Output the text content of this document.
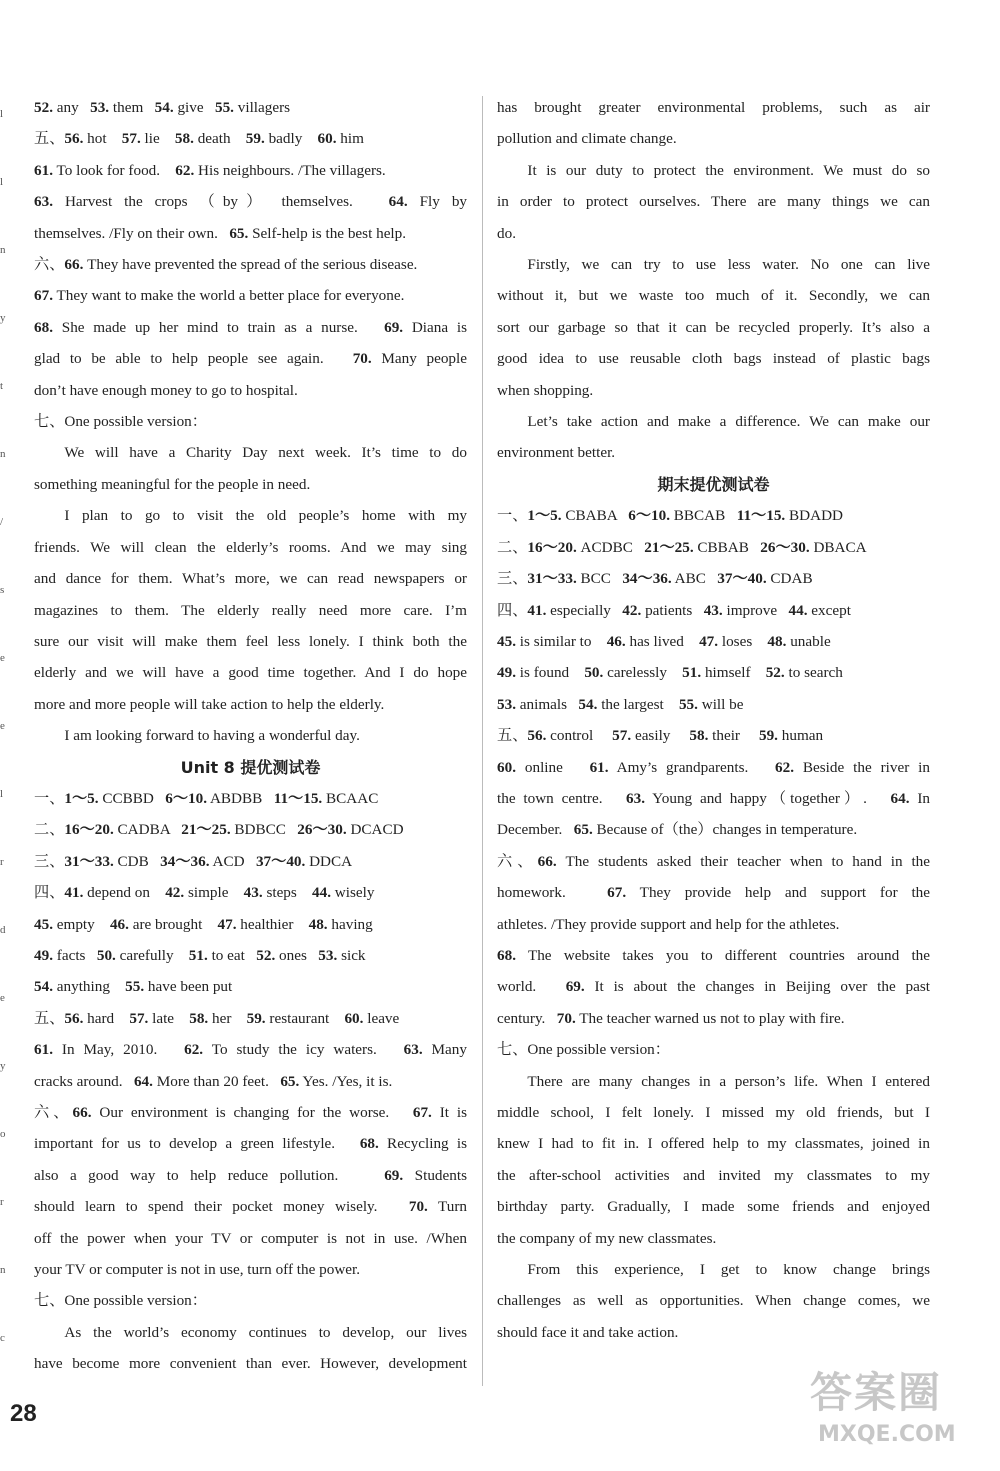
l
l
n
y
t
n
/
s
e
e
l
r
d
e
y
o
r
n
c
52. any   53. them   54. give   55. villagers
五、56. hot    57. lie    58. death    59. badly    60. him
61. To look for food.    62. His neighbours. /The villagers.
63. Harvest the crops （by） themselves.   64. Fly by
themselves. /Fly on their own.   65. Self-help is the best help.
六、66. They have prevented the spread of the serious disease.
67. They want to make the world a better place for everyone.
68. She made up her mind to train as a nurse.   69. Diana is
glad to be able to help people see again.   70. Many people
don’t have enough money to go to hospital.
七、One possible version：
We will have a Charity Day next week. It’s time to do
something meaningful for the people in need.
I plan to go to visit the old people’s home with my
friends. We will clean the elderly’s rooms. And we may sing
and dance for them. What’s more, we can read newspapers or
magazines to them. The elderly really need more care. I’m
sure our visit will make them feel less lonely. I think both the
elderly and we will have a good time together. And I do hope
more and more people will take action to help the elderly.
I am looking forward to having a wonderful day.
Unit 8 提优测试卷
一、1～5. CCBBD   6～10. ABDBB   11～15. BCAAC
二、16～20. CADBA   21～25. BDBCC   26～30. DCACD
三、31～33. CDB   34～36. ACD   37～40. DDCA
四、41. depend on    42. simple    43. steps    44. wisely
45. empty    46. are brought    47. healthier    48. having
49. facts   50. carefully    51. to eat   52. ones   53. sick
54. anything    55. have been put
五、56. hard    57. late    58. her    59. restaurant    60. leave
61. In May, 2010.   62. To study the icy waters.   63. Many
cracks around.   64. More than 20 feet.   65. Yes. /Yes, it is.
六、66. Our environment is changing for the worse.   67. It is
important for us to develop a green lifestyle.   68. Recycling is
also a good way to help reduce pollution.    69. Students
should learn to spend their pocket money wisely.   70. Turn
off the power when your TV or computer is not in use. /When
your TV or computer is not in use, turn off the power.
七、One possible version：
As the world’s economy continues to develop, our lives
have become more convenient than ever. However, development
has brought greater environmental problems, such as air
pollution and climate change.
It is our duty to protect the environment. We must do so
in order to protect ourselves. There are many things we can
do.
Firstly, we can try to use less water. No one can live
without it, but we waste too much of it. Secondly, we can
sort our garbage so that it can be recycled properly. It’s also a
good idea to use reusable cloth bags instead of plastic bags
when shopping.
Let’s take action and make a difference. We can make our
environment better.
期末提优测试卷
一、1～5. CBABA   6～10. BBCAB   11～15. BDADD
二、16～20. ACDBC   21～25. CBBAB   26～30. DBACA
三、31～33. BCC   34～36. ABC   37～40. CDAB
四、41. especially   42. patients   43. improve   44. except
45. is similar to    46. has lived    47. loses    48. unable
49. is found    50. carelessly    51. himself    52. to search
53. animals   54. the largest    55. will be
五、56. control     57. easily     58. their     59. human
60. online   61. Amy’s grandparents.   62. Beside the river in
the town centre.   63. Young and happy（together）.   64. In
December.   65. Because of（the）changes in temperature.
六、66. The students asked their teacher when to hand in the
homework.   67. They provide help and support for the
athletes. /They provide support and help for the athletes.
68. The website takes you to different countries around the
world.   69. It is about the changes in Beijing over the past
century.   70. The teacher warned us not to play with fire.
七、One possible version：
There are many changes in a person’s life. When I entered
middle school, I felt lonely. I missed my old friends, but I
knew I had to fit in. I offered help to my classmates, joined in
the after-school activities and invited my classmates to my
birthday party. Gradually, I made some friends and enjoyed
the company of my new classmates.
From this experience, I get to know change brings
challenges as well as opportunities. When change comes, we
should face it and take action.
28	答案圈
MXQE.COM
